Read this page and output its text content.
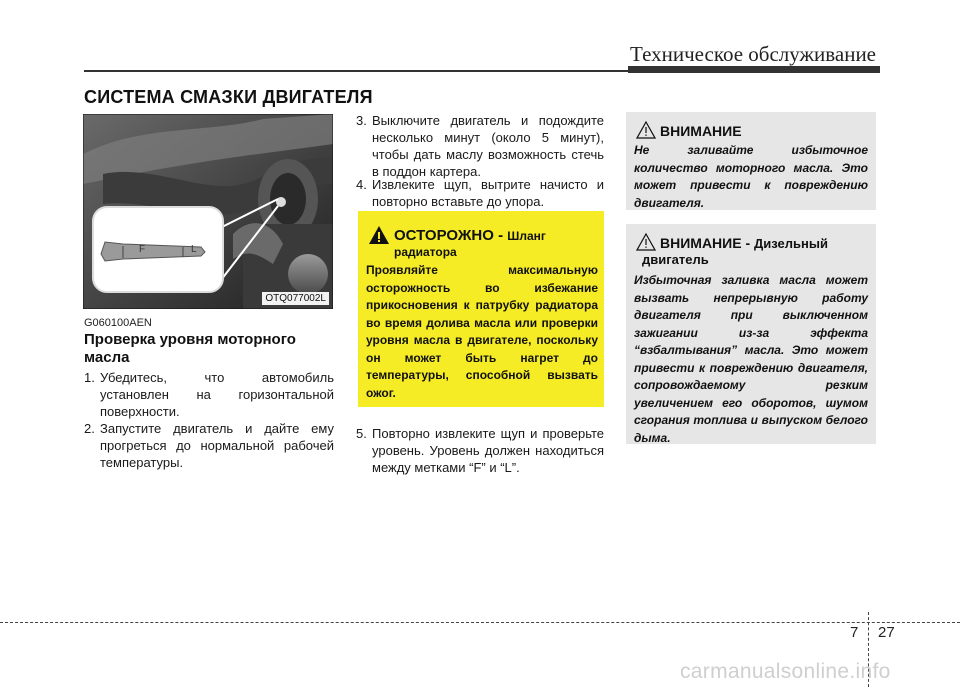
Техническое обслуживание
СИСТЕМА СМАЗКИ ДВИГАТЕЛЯ
F	L
OTQ077002L
G060100AEN
Проверка уровня моторного масла
1. Убедитесь, что автомобиль установлен на горизонтальной поверхности.
2. Запустите двигатель и дайте ему прогреться до нормальной рабочей температуры.
3. Выключите двигатель и подождите несколько минут (около 5 минут), чтобы дать маслу возможность стечь в поддон картера.
4. Извлеките щуп, вытрите начисто и повторно вставьте до упора.
5. Повторно извлеките щуп и проверьте уровень. Уровень должен находиться между метками “F” и “L”.
ОСТОРОЖНО - Шланг
радиатора
Проявляйте максимальную осторожность во избежание прикосновения к патрубку радиатора во время долива масла или проверки уровня масла в двигателе, поскольку он может быть нагрет до температуры, способной вызвать ожог.
ВНИМАНИЕ
Не заливайте избыточное количество моторного масла. Это может привести к повреждению двигателя.
ВНИМАНИЕ - Дизельный
двигатель
Избыточная заливка масла может вызвать непрерывную работу двигателя при выключенном зажигании из-за эффекта “взбалтывания” масла. Это может привести к повреждению двигателя, сопровождаемому резким увеличением его оборотов, шумом сгорания топлива и выпуском белого дыма.
7 27
carmanualsonline.info
